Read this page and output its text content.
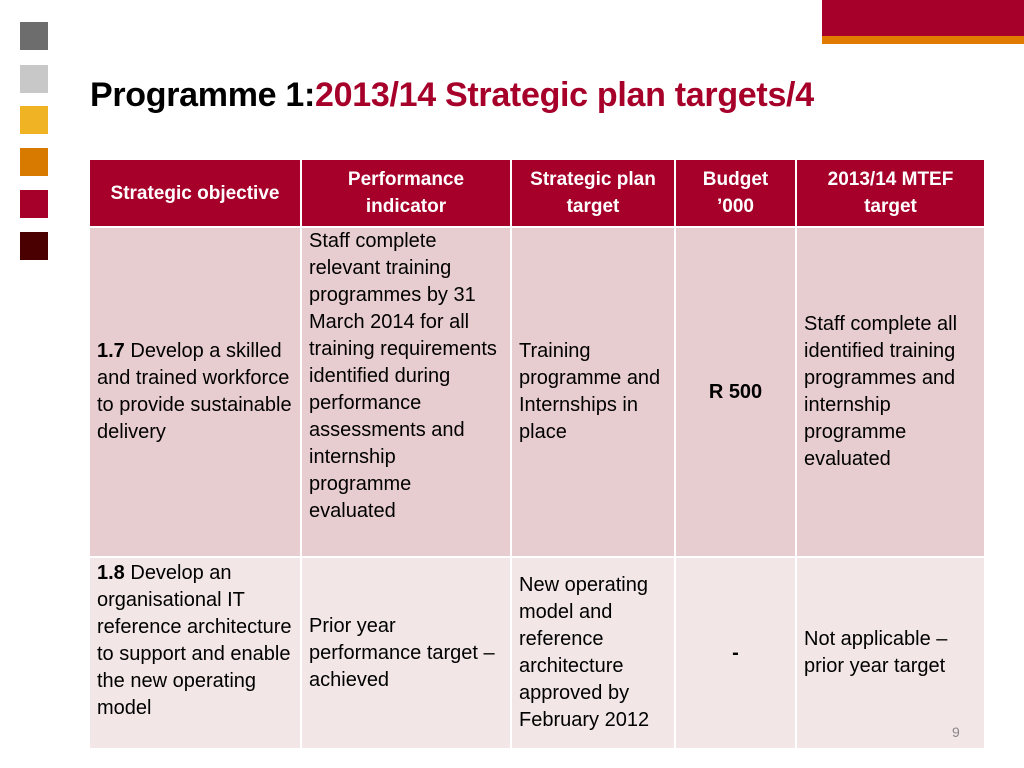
Programme 1:2013/14 Strategic plan targets/4
Strategic objective	Performance indicator	Strategic plan target	Budget ’000	2013/14 MTEF target
1.7 Develop a skilled and trained workforce to provide sustainable delivery	Staff complete relevant training programmes by 31 March 2014 for all training requirements identified during performance assessments and internship programme evaluated	Training programme and Internships in place	R 500	Staff complete all identified training programmes and internship programme evaluated
1.8 Develop an organisational IT reference architecture to support and enable the new operating model	Prior year performance target – achieved	New operating model and reference architecture approved by February 2012	-	Not applicable – prior year target
9
